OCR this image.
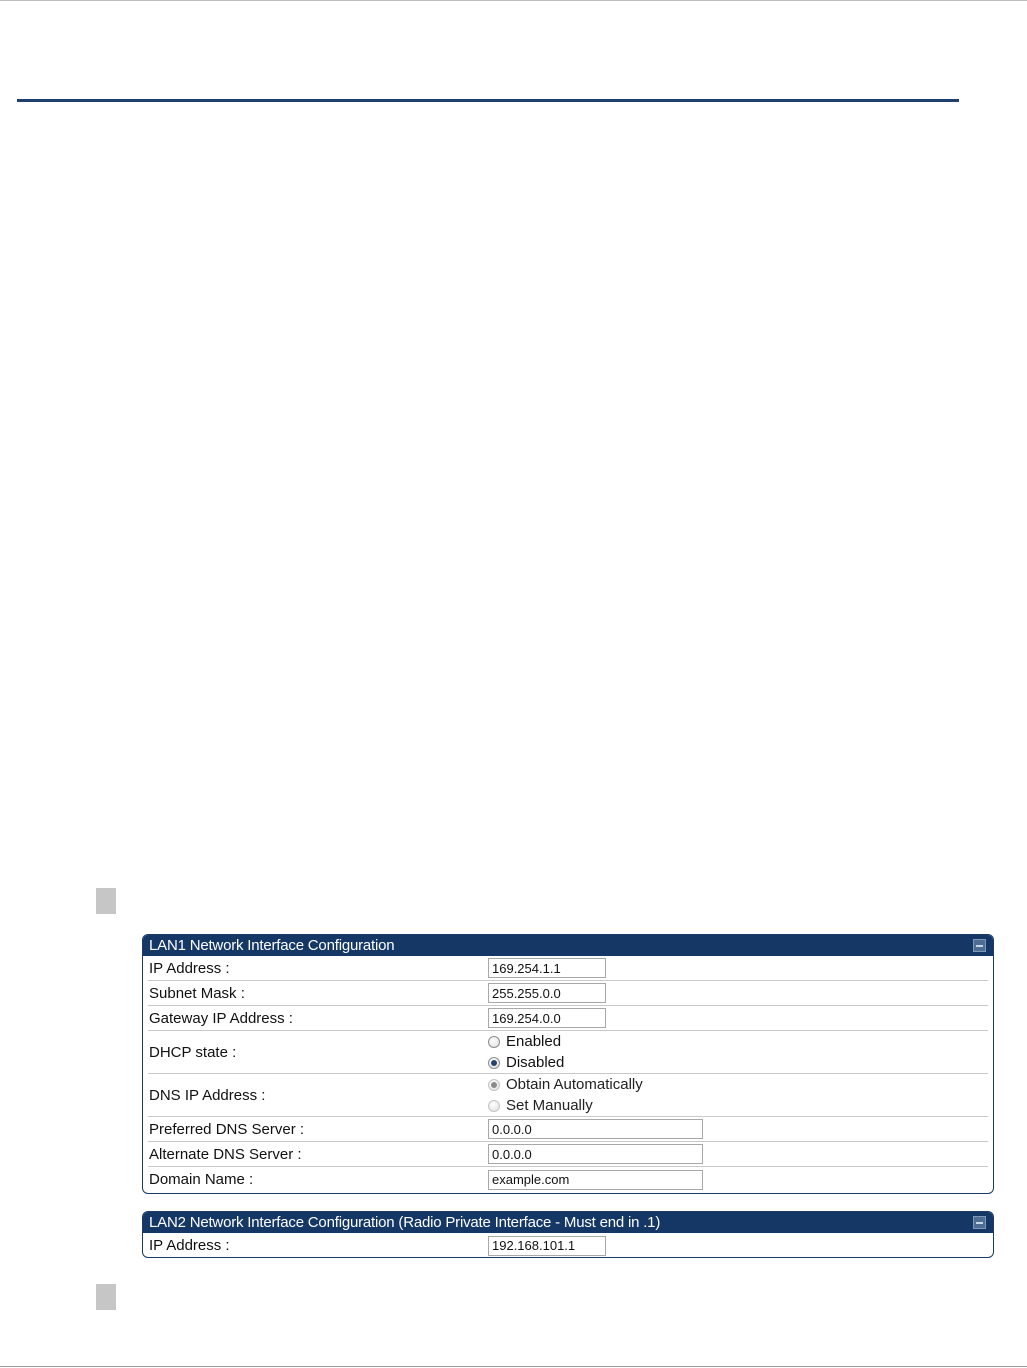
LAN1 Network Interface Configuration
IP Address :
169.254.1.1
Subnet Mask :
255.255.0.0
Gateway IP Address :
169.254.0.0
DHCP state :
Enabled
Disabled
DNS IP Address :
Obtain Automatically
Set Manually
Preferred DNS Server :
0.0.0.0
Alternate DNS Server :
0.0.0.0
Domain Name :
example.com
LAN2 Network Interface Configuration (Radio Private Interface - Must end in .1)
IP Address :
192.168.101.1
